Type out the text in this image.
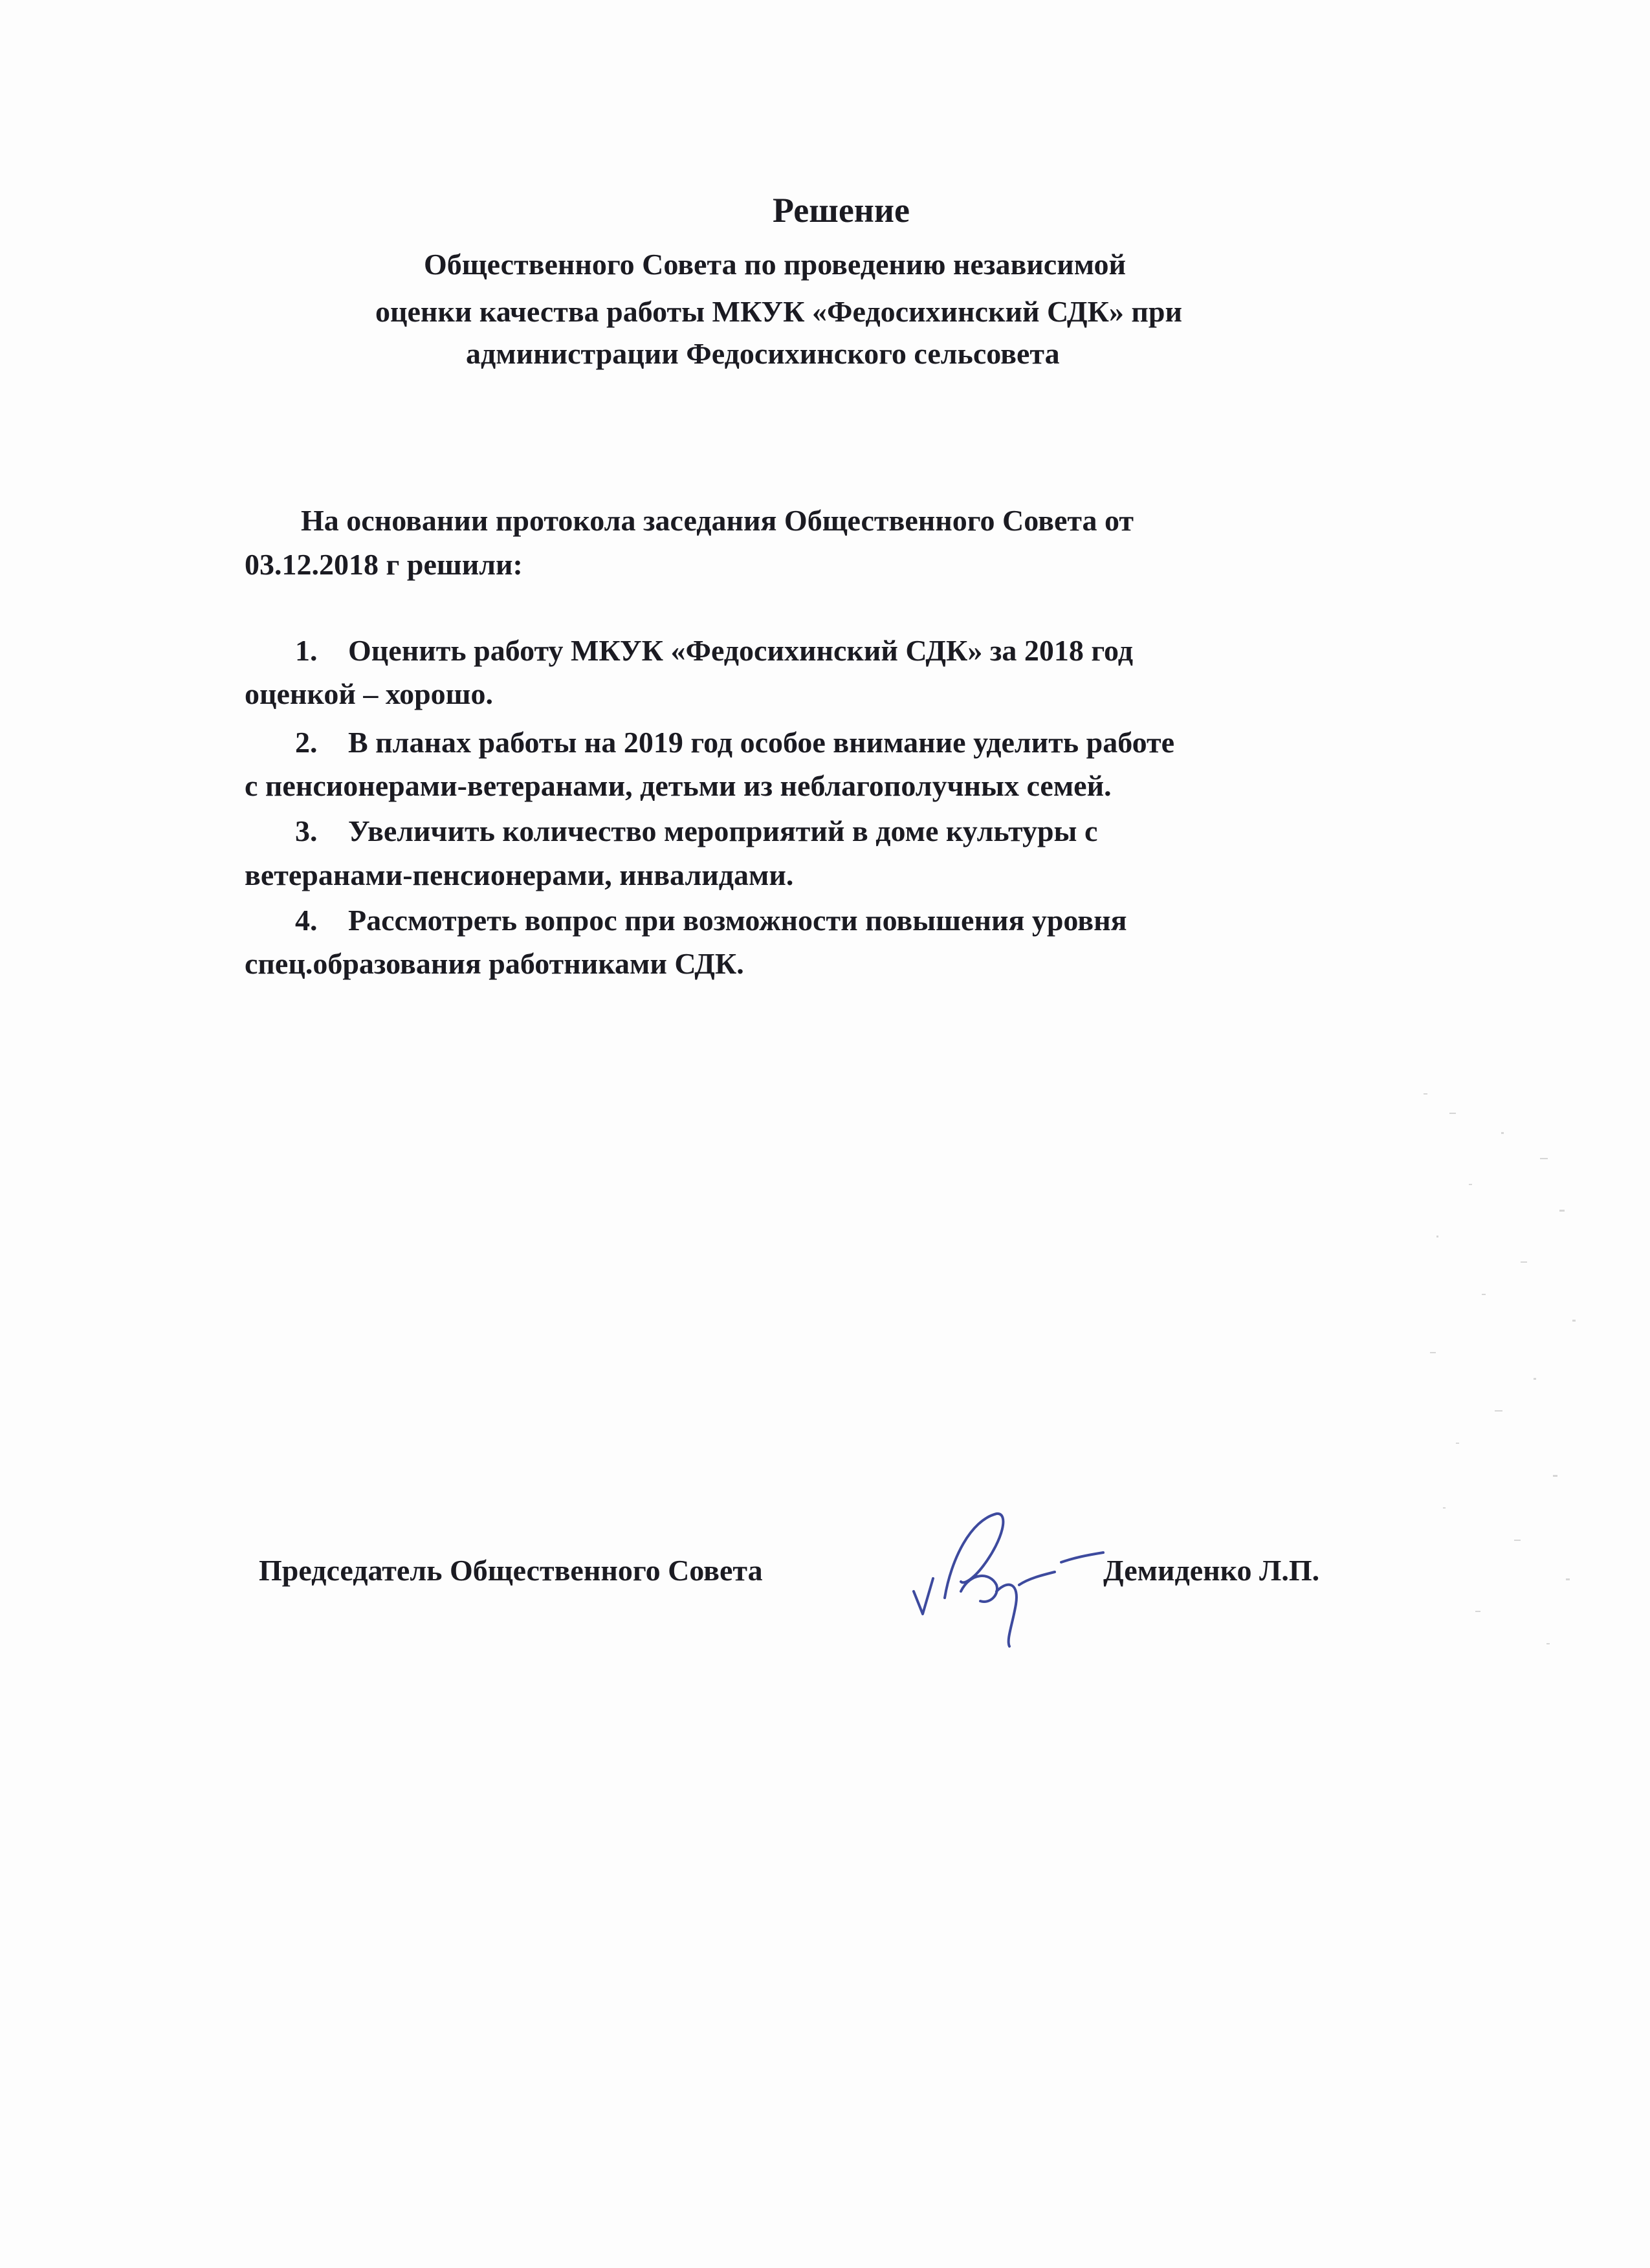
Решение
Общественного Совета по проведению независимой
оценки качества работы МКУК «Федосихинский СДК» при
администрации Федосихинского сельсовета
На основании протокола заседания Общественного Совета от
03.12.2018 г решили:
1. Оценить работу МКУК «Федосихинский СДК» за 2018 год
оценкой – хорошо.
2. В планах работы на 2019 год особое внимание уделить работе
с пенсионерами-ветеранами, детьми из неблагополучных семей.
3. Увеличить количество мероприятий в доме культуры с
ветеранами-пенсионерами, инвалидами.
4. Рассмотреть вопрос при возможности повышения уровня
спец.образования работниками СДК.
Председатель Общественного Совета	Демиденко Л.П.
